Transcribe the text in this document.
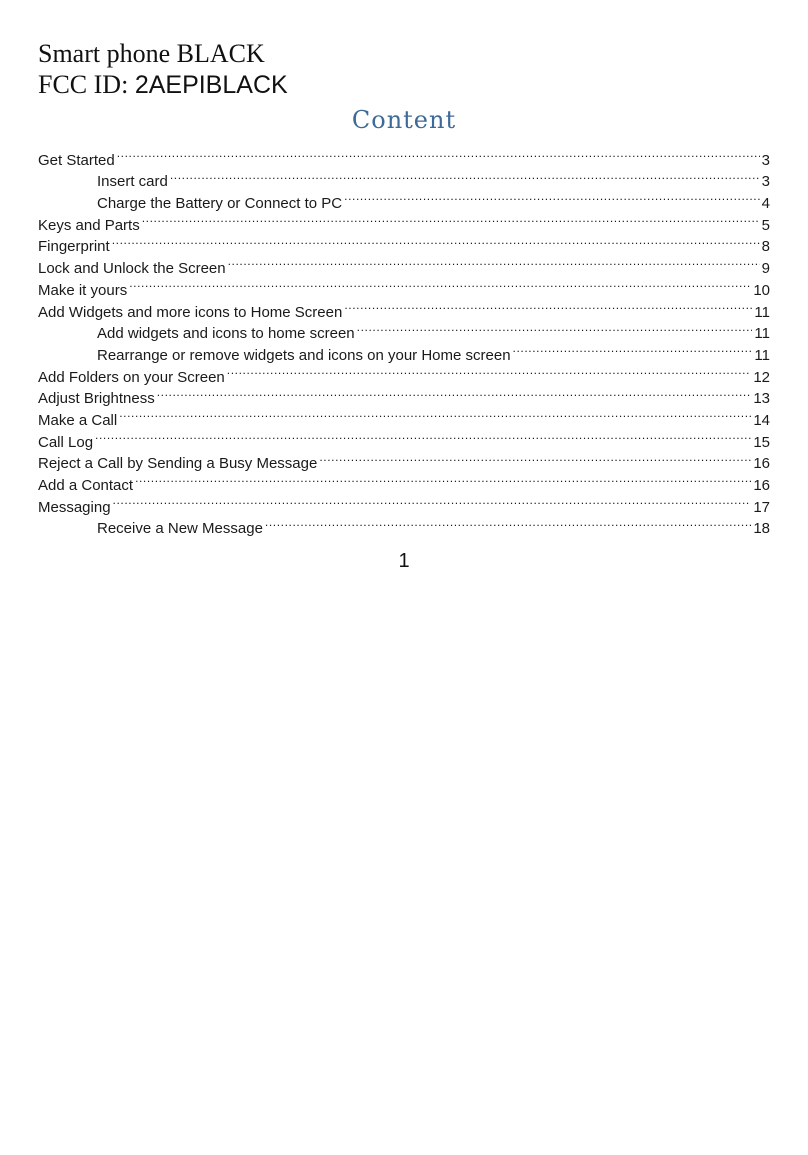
Smart phone BLACK
FCC ID: 2AEPIBLACK
Content
Get Started .....	3
Insert card .....	3
Charge the Battery or Connect to PC .....	4
Keys and Parts .....	5
Fingerprint .....	8
Lock and Unlock the Screen .....	9
Make it yours .....	10
Add Widgets and more icons to Home Screen .....	11
Add widgets and icons to home screen .....	11
Rearrange or remove widgets and icons on your Home screen .....	11
Add Folders on your Screen .....	12
Adjust Brightness .....	13
Make a Call .....	14
Call Log .....	15
Reject a Call by Sending a Busy Message .....	16
Add a Contact .....	16
Messaging .....	17
Receive a New Message .....	18
1
